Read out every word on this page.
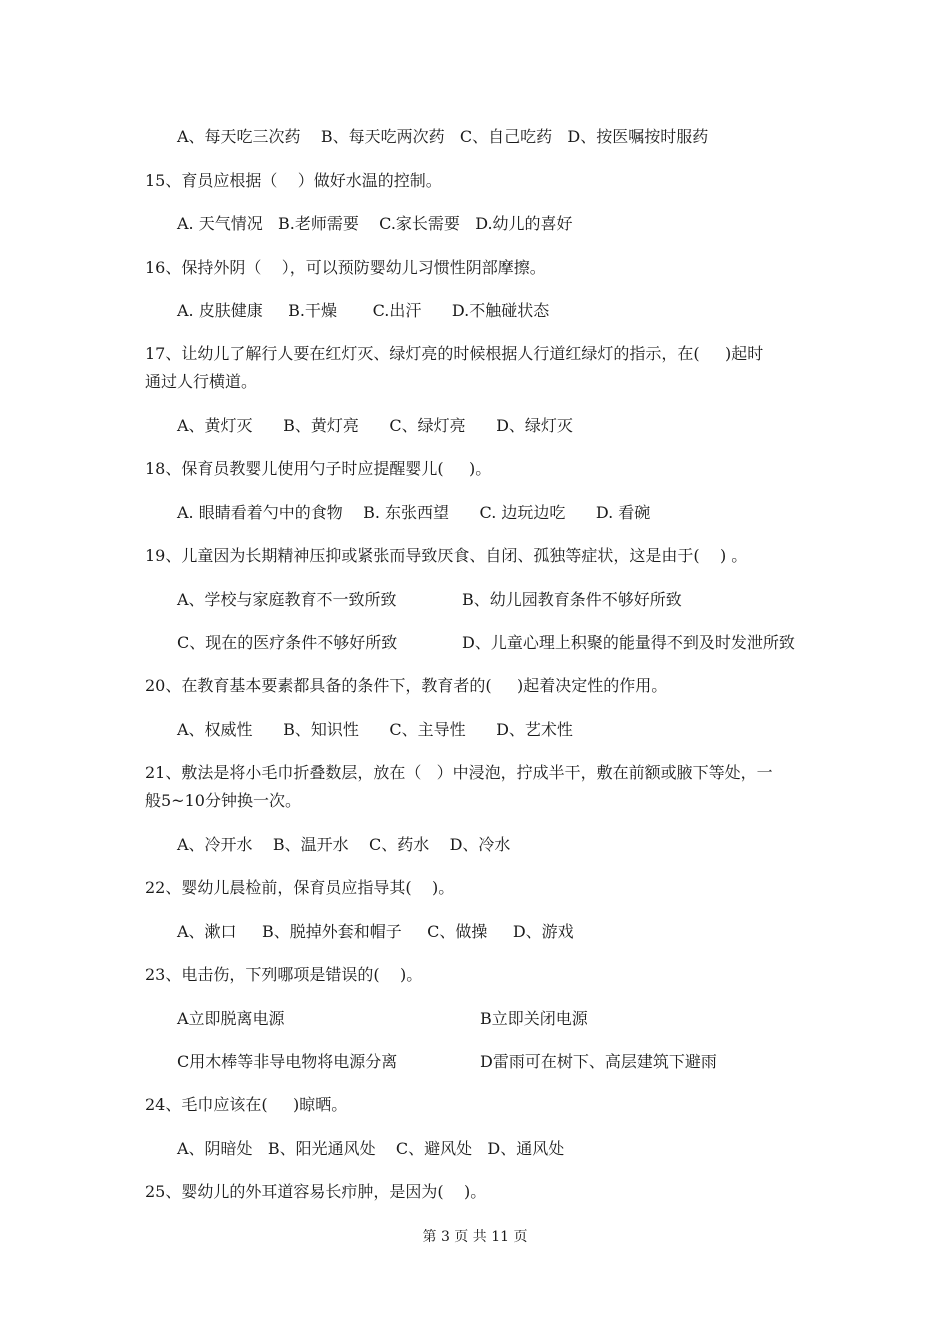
A、每天吃三次药    B、每天吃两次药   C、自己吃药   D、按医嘱按时服药

15、育员应根据（    ）做好水温的控制。

A. 天气情况   B.老师需要    C.家长需要   D.幼儿的喜好

16、保持外阴（    ），可以预防婴幼儿习惯性阴部摩擦。

A. 皮肤健康     B.干燥       C.出汗      D.不触碰状态

17、让幼儿了解行人要在红灯灭、绿灯亮的时候根据人行道红绿灯的指示，在(     )起时

通过人行横道。

A、黄灯灭      B、黄灯亮      C、绿灯亮      D、绿灯灭

18、保育员教婴儿使用勺子时应提醒婴儿(     )。

A. 眼睛看着勺中的食物    B. 东张西望      C. 边玩边吃      D. 看碗

19、儿童因为长期精神压抑或紧张而导致厌食、自闭、孤独等症状，这是由于(    ) 。

A、学校与家庭教育不一致所致	B、幼儿园教育条件不够好所致

C、现在的医疗条件不够好所致	D、儿童心理上积聚的能量得不到及时发泄所致

20、在教育基本要素都具备的条件下，教育者的(     )起着决定性的作用。

A、权威性      B、知识性      C、主导性      D、艺术性

21、敷法是将小毛巾折叠数层，放在（   ）中浸泡，拧成半干，敷在前额或腋下等处，一

般5~10分钟换一次。

A、冷开水    B、温开水    C、药水    D、冷水

22、婴幼儿晨检前，保育员应指导其(    )。

A、漱口     B、脱掉外套和帽子     C、做操     D、游戏

23、电击伤，下列哪项是错误的(    )。

A立即脱离电源	B立即关闭电源

C用木棒等非导电物将电源分离	D雷雨可在树下、高层建筑下避雨

24、毛巾应该在(     )晾晒。

A、阴暗处   B、阳光通风处    C、避风处   D、通风处

25、婴幼儿的外耳道容易长疖肿，是因为(    )。

第 3 页 共 11 页
